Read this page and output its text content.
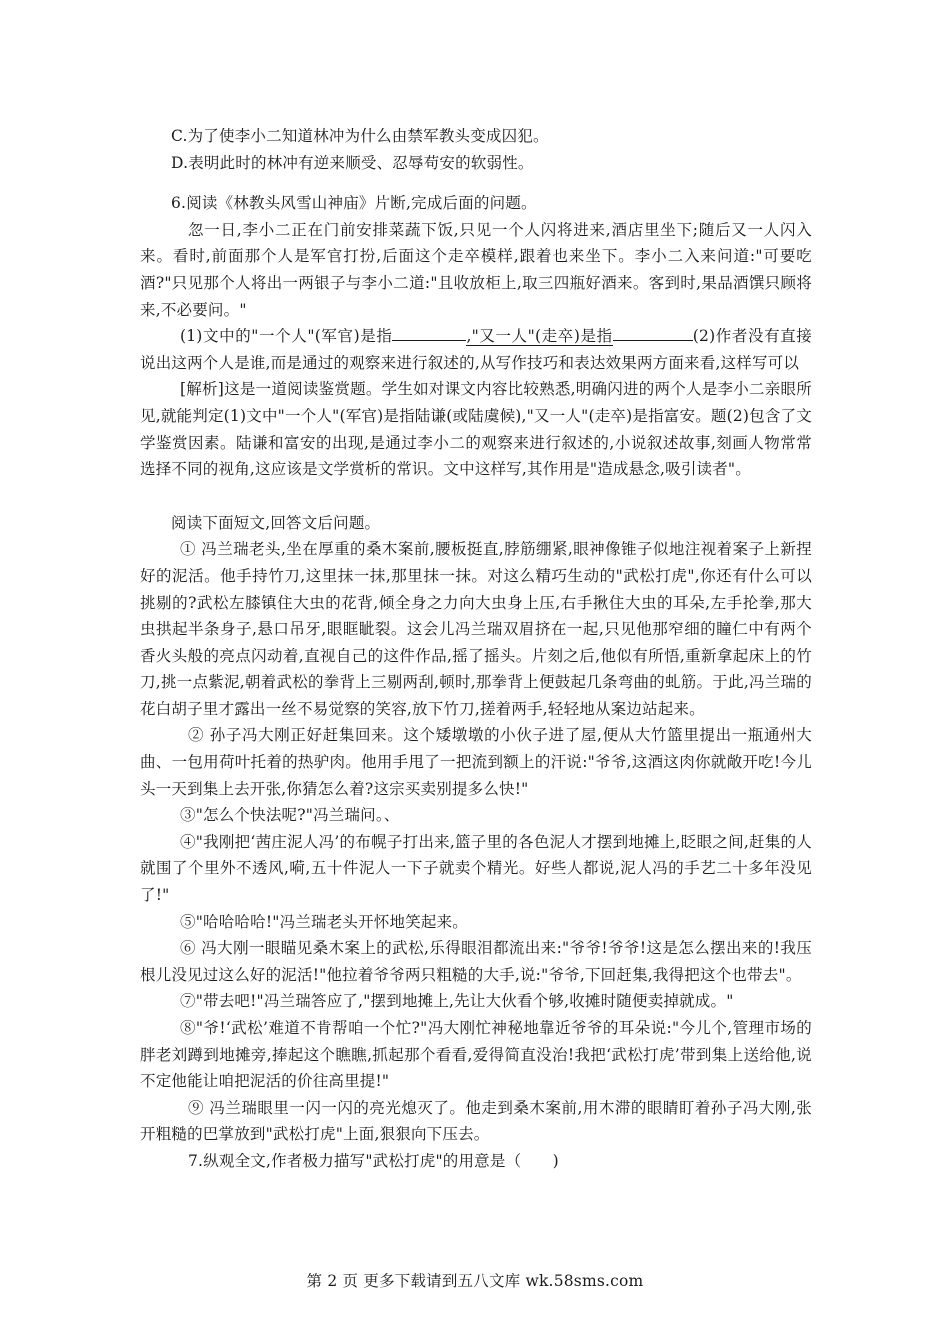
C.为了使李小二知道林冲为什么由禁军教头变成囚犯。

D.表明此时的林冲有逆来顺受、忍辱苟安的软弱性。

6.阅读《林教头风雪山神庙》片断,完成后面的问题。

忽一日,李小二正在门前安排菜蔬下饭,只见一个人闪将进来,酒店里坐下;随后又一人闪入来。看时,前面那个人是军官打扮,后面这个走卒模样,跟着也来坐下。李小二入来问道:"可要吃酒?"只见那个人将出一两银子与李小二道:"且收放柜上,取三四瓶好酒来。客到时,果品酒馔只顾将来,不必要问。"

(1)文中的"一个人"(军官)是指	,"又一人"(走卒)是指	(2)作者没有直接说出这两个人是谁,而是通过的观察来进行叙述的,从写作技巧和表达效果两方面来看,这样写可以

[解析]这是一道阅读鉴赏题。学生如对课文内容比较熟悉,明确闪进的两个人是李小二亲眼所见,就能判定(1)文中"一个人"(军官)是指陆谦(或陆虞候),"又一人"(走卒)是指富安。题(2)包含了文学鉴赏因素。陆谦和富安的出现,是通过李小二的观察来进行叙述的,小说叙述故事,刻画人物常常选择不同的视角,这应该是文学赏析的常识。文中这样写,其作用是"造成悬念,吸引读者"。

阅读下面短文,回答文后问题。

① 冯兰瑞老头,坐在厚重的桑木案前,腰板挺直,脖筋绷紧,眼神像锥子似地注视着案子上新捏好的泥活。他手持竹刀,这里抹一抹,那里抹一抹。对这么精巧生动的"武松打虎",你还有什么可以挑剔的?武松左膝镇住大虫的花背,倾全身之力向大虫身上压,右手揪住大虫的耳朵,左手抡拳,那大虫拱起半条身子,悬口吊牙,眼眶眦裂。这会儿冯兰瑞双眉挤在一起,只见他那窄细的瞳仁中有两个香火头般的亮点闪动着,直视自己的这件作品,摇了摇头。片刻之后,他似有所悟,重新拿起床上的竹刀,挑一点紫泥,朝着武松的拳背上三剔两刮,顿时,那拳背上便鼓起几条弯曲的虬筋。于此,冯兰瑞的花白胡子里才露出一丝不易觉察的笑容,放下竹刀,搓着两手,轻轻地从案边站起来。

② 孙子冯大刚正好赶集回来。这个矮墩墩的小伙子进了屋,便从大竹篮里提出一瓶通州大曲、一包用荷叶托着的热驴肉。他用手甩了一把流到额上的汗说:"爷爷,这酒这肉你就敞开吃!今儿头一天到集上去开张,你猜怎么着?这宗买卖别提多么快!"

③"怎么个快法呢?"冯兰瑞问。、

④"我刚把‘茜庄泥人冯’的布幌子打出来,篮子里的各色泥人才摆到地摊上,眨眼之间,赶集的人就围了个里外不透风,嗬,五十件泥人一下子就卖个精光。好些人都说,泥人冯的手艺二十多年没见了!"

⑤"哈哈哈哈!"冯兰瑞老头开怀地笑起来。

⑥ 冯大刚一眼瞄见桑木案上的武松,乐得眼泪都流出来:"爷爷!爷爷!这是怎么摆出来的!我压根儿没见过这么好的泥活!"他拉着爷爷两只粗糙的大手,说:"爷爷,下回赶集,我得把这个也带去"。

⑦"带去吧!"冯兰瑞答应了,"摆到地摊上,先让大伙看个够,收摊时随便卖掉就成。"

⑧"爷!‘武松’难道不肯帮咱一个忙?"冯大刚忙神秘地靠近爷爷的耳朵说:"今儿个,管理市场的胖老刘蹲到地摊旁,捧起这个瞧瞧,抓起那个看看,爱得简直没治!我把‘武松打虎’带到集上送给他,说不定他能让咱把泥活的价往高里提!"

⑨ 冯兰瑞眼里一闪一闪的亮光熄灭了。他走到桑木案前,用木滞的眼睛盯着孙子冯大刚,张开粗糙的巴掌放到"武松打虎"上面,狠狠向下压去。

7.纵观全文,作者极力描写"武松打虎"的用意是（　　)

第 2 页 更多下载请到五八文库 wk.58sms.com
